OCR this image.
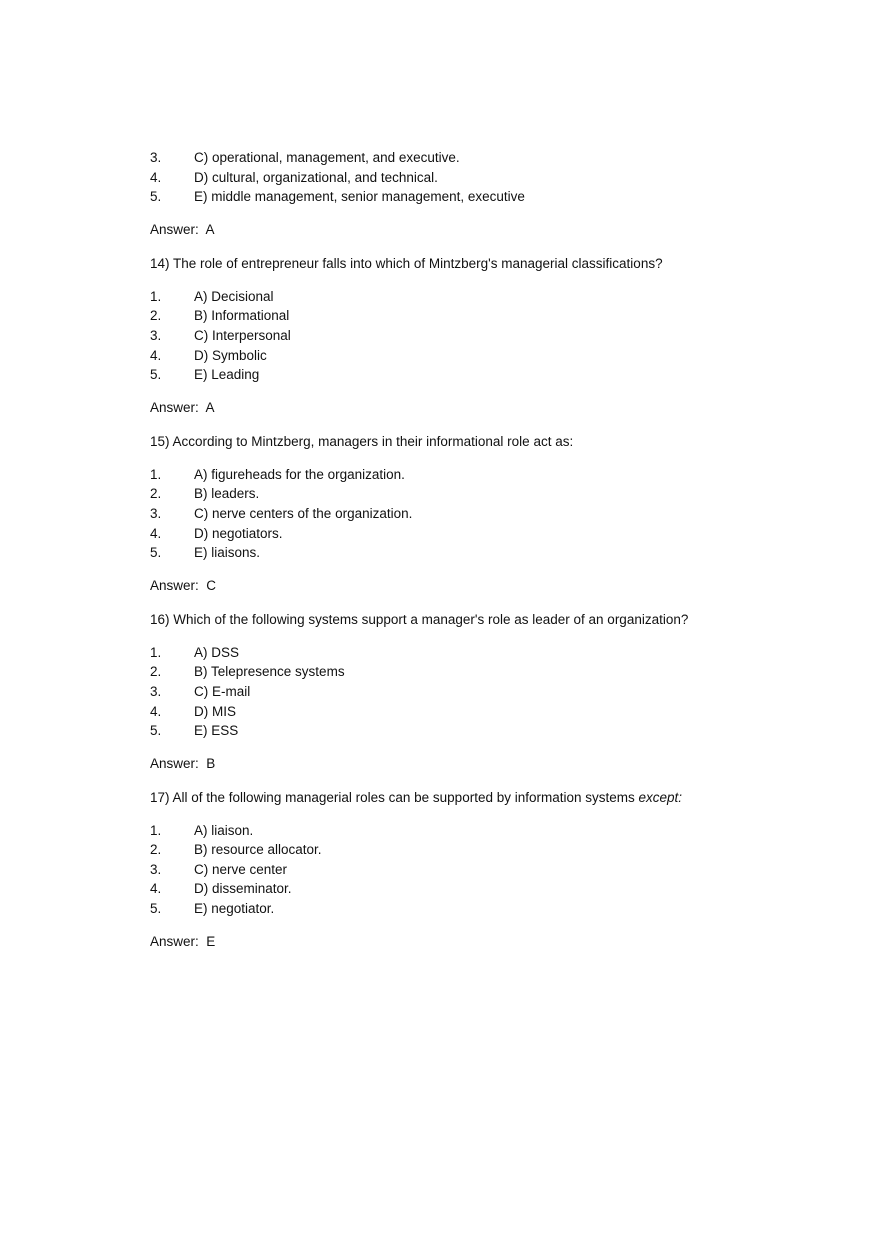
3.	C) operational, management, and executive.
4.	D) cultural, organizational, and technical.
5.	E) middle management, senior management, executive
Answer:  A
14) The role of entrepreneur falls into which of Mintzberg's managerial classifications?
1.	A) Decisional
2.	B) Informational
3.	C) Interpersonal
4.	D) Symbolic
5.	E) Leading
Answer:  A
15) According to Mintzberg, managers in their informational role act as:
1.	A) figureheads for the organization.
2.	B) leaders.
3.	C) nerve centers of the organization.
4.	D) negotiators.
5.	E) liaisons.
Answer:  C
16) Which of the following systems support a manager's role as leader of an organization?
1.	A) DSS
2.	B) Telepresence systems
3.	C) E-mail
4.	D) MIS
5.	E) ESS
Answer:  B
17) All of the following managerial roles can be supported by information systems except:
1.	A) liaison.
2.	B) resource allocator.
3.	C) nerve center
4.	D) disseminator.
5.	E) negotiator.
Answer:  E
